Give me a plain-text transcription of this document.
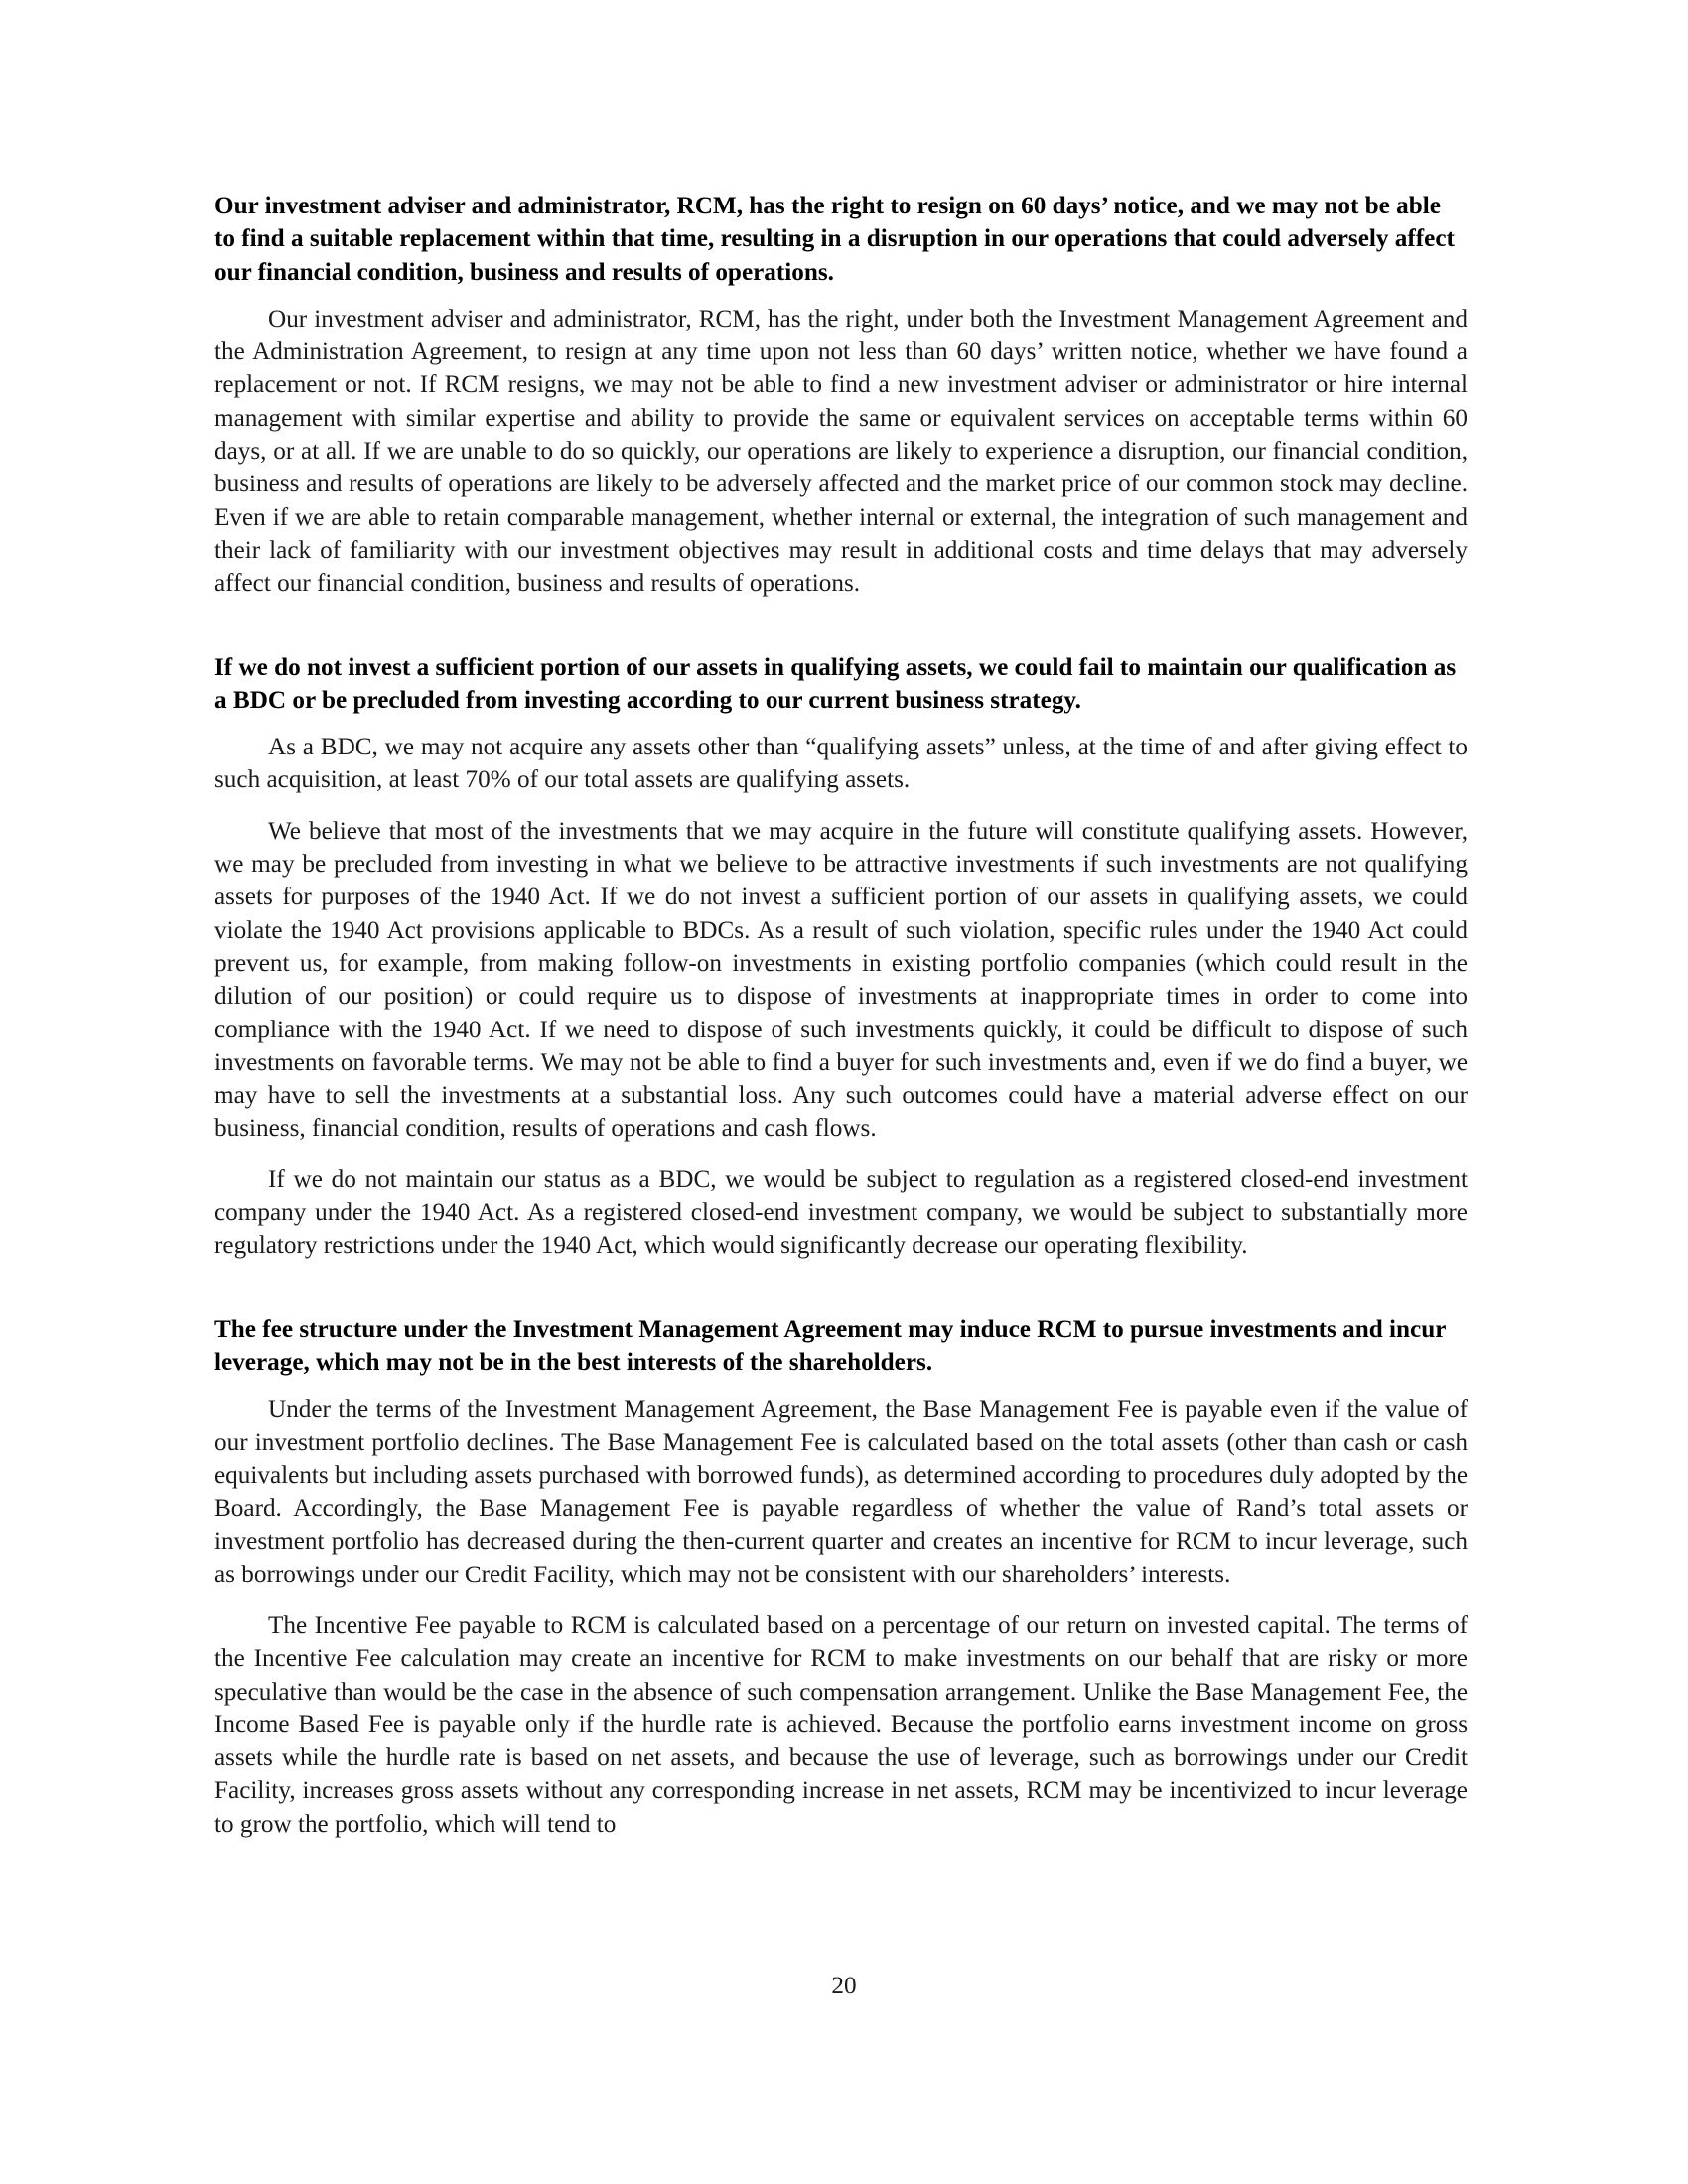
Our investment adviser and administrator, RCM, has the right to resign on 60 days’ notice, and we may not be able to find a suitable replacement within that time, resulting in a disruption in our operations that could adversely affect our financial condition, business and results of operations.

Our investment adviser and administrator, RCM, has the right, under both the Investment Management Agreement and the Administration Agreement, to resign at any time upon not less than 60 days’ written notice, whether we have found a replacement or not. If RCM resigns, we may not be able to find a new investment adviser or administrator or hire internal management with similar expertise and ability to provide the same or equivalent services on acceptable terms within 60 days, or at all. If we are unable to do so quickly, our operations are likely to experience a disruption, our financial condition, business and results of operations are likely to be adversely affected and the market price of our common stock may decline. Even if we are able to retain comparable management, whether internal or external, the integration of such management and their lack of familiarity with our investment objectives may result in additional costs and time delays that may adversely affect our financial condition, business and results of operations.

If we do not invest a sufficient portion of our assets in qualifying assets, we could fail to maintain our qualification as a BDC or be precluded from investing according to our current business strategy.

As a BDC, we may not acquire any assets other than “qualifying assets” unless, at the time of and after giving effect to such acquisition, at least 70% of our total assets are qualifying assets.

We believe that most of the investments that we may acquire in the future will constitute qualifying assets. However, we may be precluded from investing in what we believe to be attractive investments if such investments are not qualifying assets for purposes of the 1940 Act. If we do not invest a sufficient portion of our assets in qualifying assets, we could violate the 1940 Act provisions applicable to BDCs. As a result of such violation, specific rules under the 1940 Act could prevent us, for example, from making follow-on investments in existing portfolio companies (which could result in the dilution of our position) or could require us to dispose of investments at inappropriate times in order to come into compliance with the 1940 Act. If we need to dispose of such investments quickly, it could be difficult to dispose of such investments on favorable terms. We may not be able to find a buyer for such investments and, even if we do find a buyer, we may have to sell the investments at a substantial loss. Any such outcomes could have a material adverse effect on our business, financial condition, results of operations and cash flows.

If we do not maintain our status as a BDC, we would be subject to regulation as a registered closed-end investment company under the 1940 Act. As a registered closed-end investment company, we would be subject to substantially more regulatory restrictions under the 1940 Act, which would significantly decrease our operating flexibility.

The fee structure under the Investment Management Agreement may induce RCM to pursue investments and incur leverage, which may not be in the best interests of the shareholders.

Under the terms of the Investment Management Agreement, the Base Management Fee is payable even if the value of our investment portfolio declines. The Base Management Fee is calculated based on the total assets (other than cash or cash equivalents but including assets purchased with borrowed funds), as determined according to procedures duly adopted by the Board. Accordingly, the Base Management Fee is payable regardless of whether the value of Rand’s total assets or investment portfolio has decreased during the then-current quarter and creates an incentive for RCM to incur leverage, such as borrowings under our Credit Facility, which may not be consistent with our shareholders’ interests.

The Incentive Fee payable to RCM is calculated based on a percentage of our return on invested capital. The terms of the Incentive Fee calculation may create an incentive for RCM to make investments on our behalf that are risky or more speculative than would be the case in the absence of such compensation arrangement. Unlike the Base Management Fee, the Income Based Fee is payable only if the hurdle rate is achieved. Because the portfolio earns investment income on gross assets while the hurdle rate is based on net assets, and because the use of leverage, such as borrowings under our Credit Facility, increases gross assets without any corresponding increase in net assets, RCM may be incentivized to incur leverage to grow the portfolio, which will tend to

20
